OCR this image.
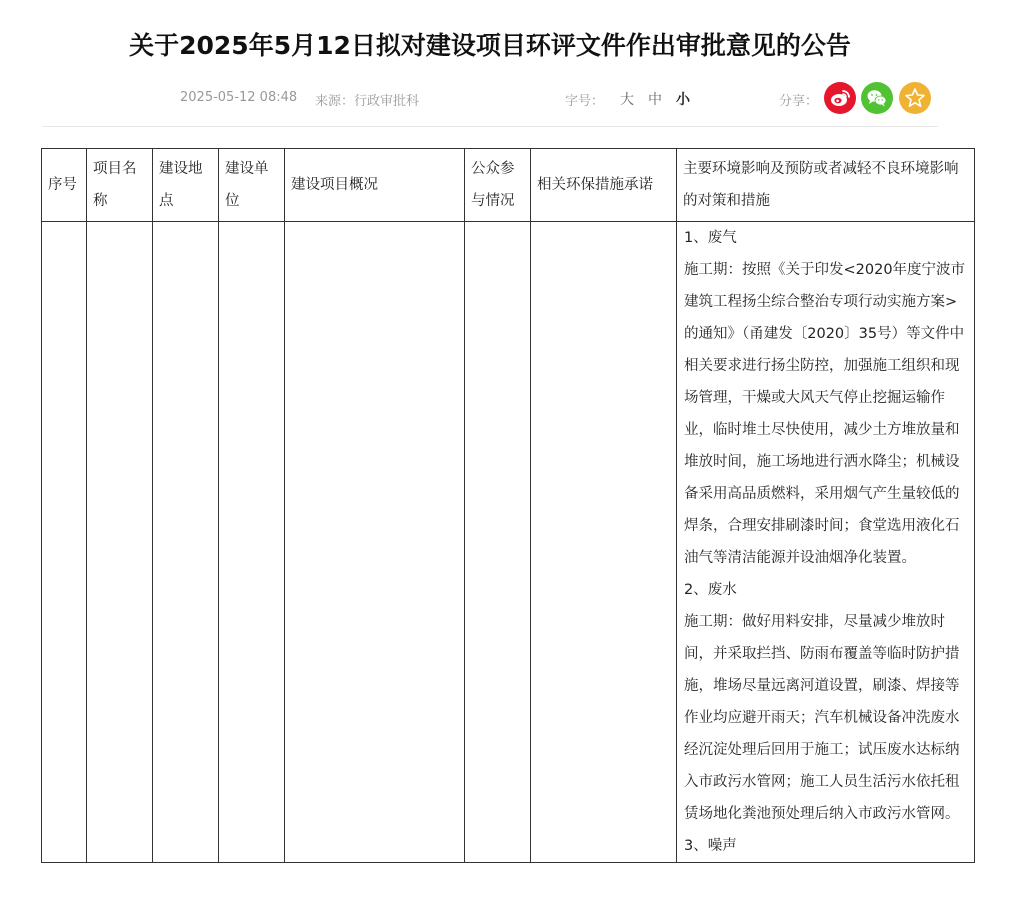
关于2025年5月12日拟对建设项目环评文件作出审批意见的公告
2025-05-12 08:48 来源：行政审批科	字号： 大 中 小	分享：
序号	项目名称	建设地点	建设单位	建设项目概况	公众参与情况	相关环保措施承诺	主要环境影响及预防或者减轻不良环境影响的对策和措施

							1、废气
施工期：按照《关于印发<2020年度宁波市建筑工程扬尘综合整治专项行动实施方案>的通知》（甬建发〔2020〕35号）等文件中相关要求进行扬尘防控，加强施工组织和现场管理，干燥或大风天气停止挖掘运输作业，临时堆土尽快使用，减少土方堆放量和堆放时间，施工场地进行洒水降尘；机械设备采用高品质燃料，采用烟气产生量较低的焊条，合理安排刷漆时间；食堂选用液化石油气等清洁能源并设油烟净化装置。
2、废水
施工期：做好用料安排，尽量减少堆放时间，并采取拦挡、防雨布覆盖等临时防护措施，堆场尽量远离河道设置，刷漆、焊接等作业均应避开雨天；汽车机械设备冲洗废水经沉淀处理后回用于施工；试压废水达标纳入市政污水管网；施工人员生活污水依托租赁场地化粪池预处理后纳入市政污水管网。
3、噪声
